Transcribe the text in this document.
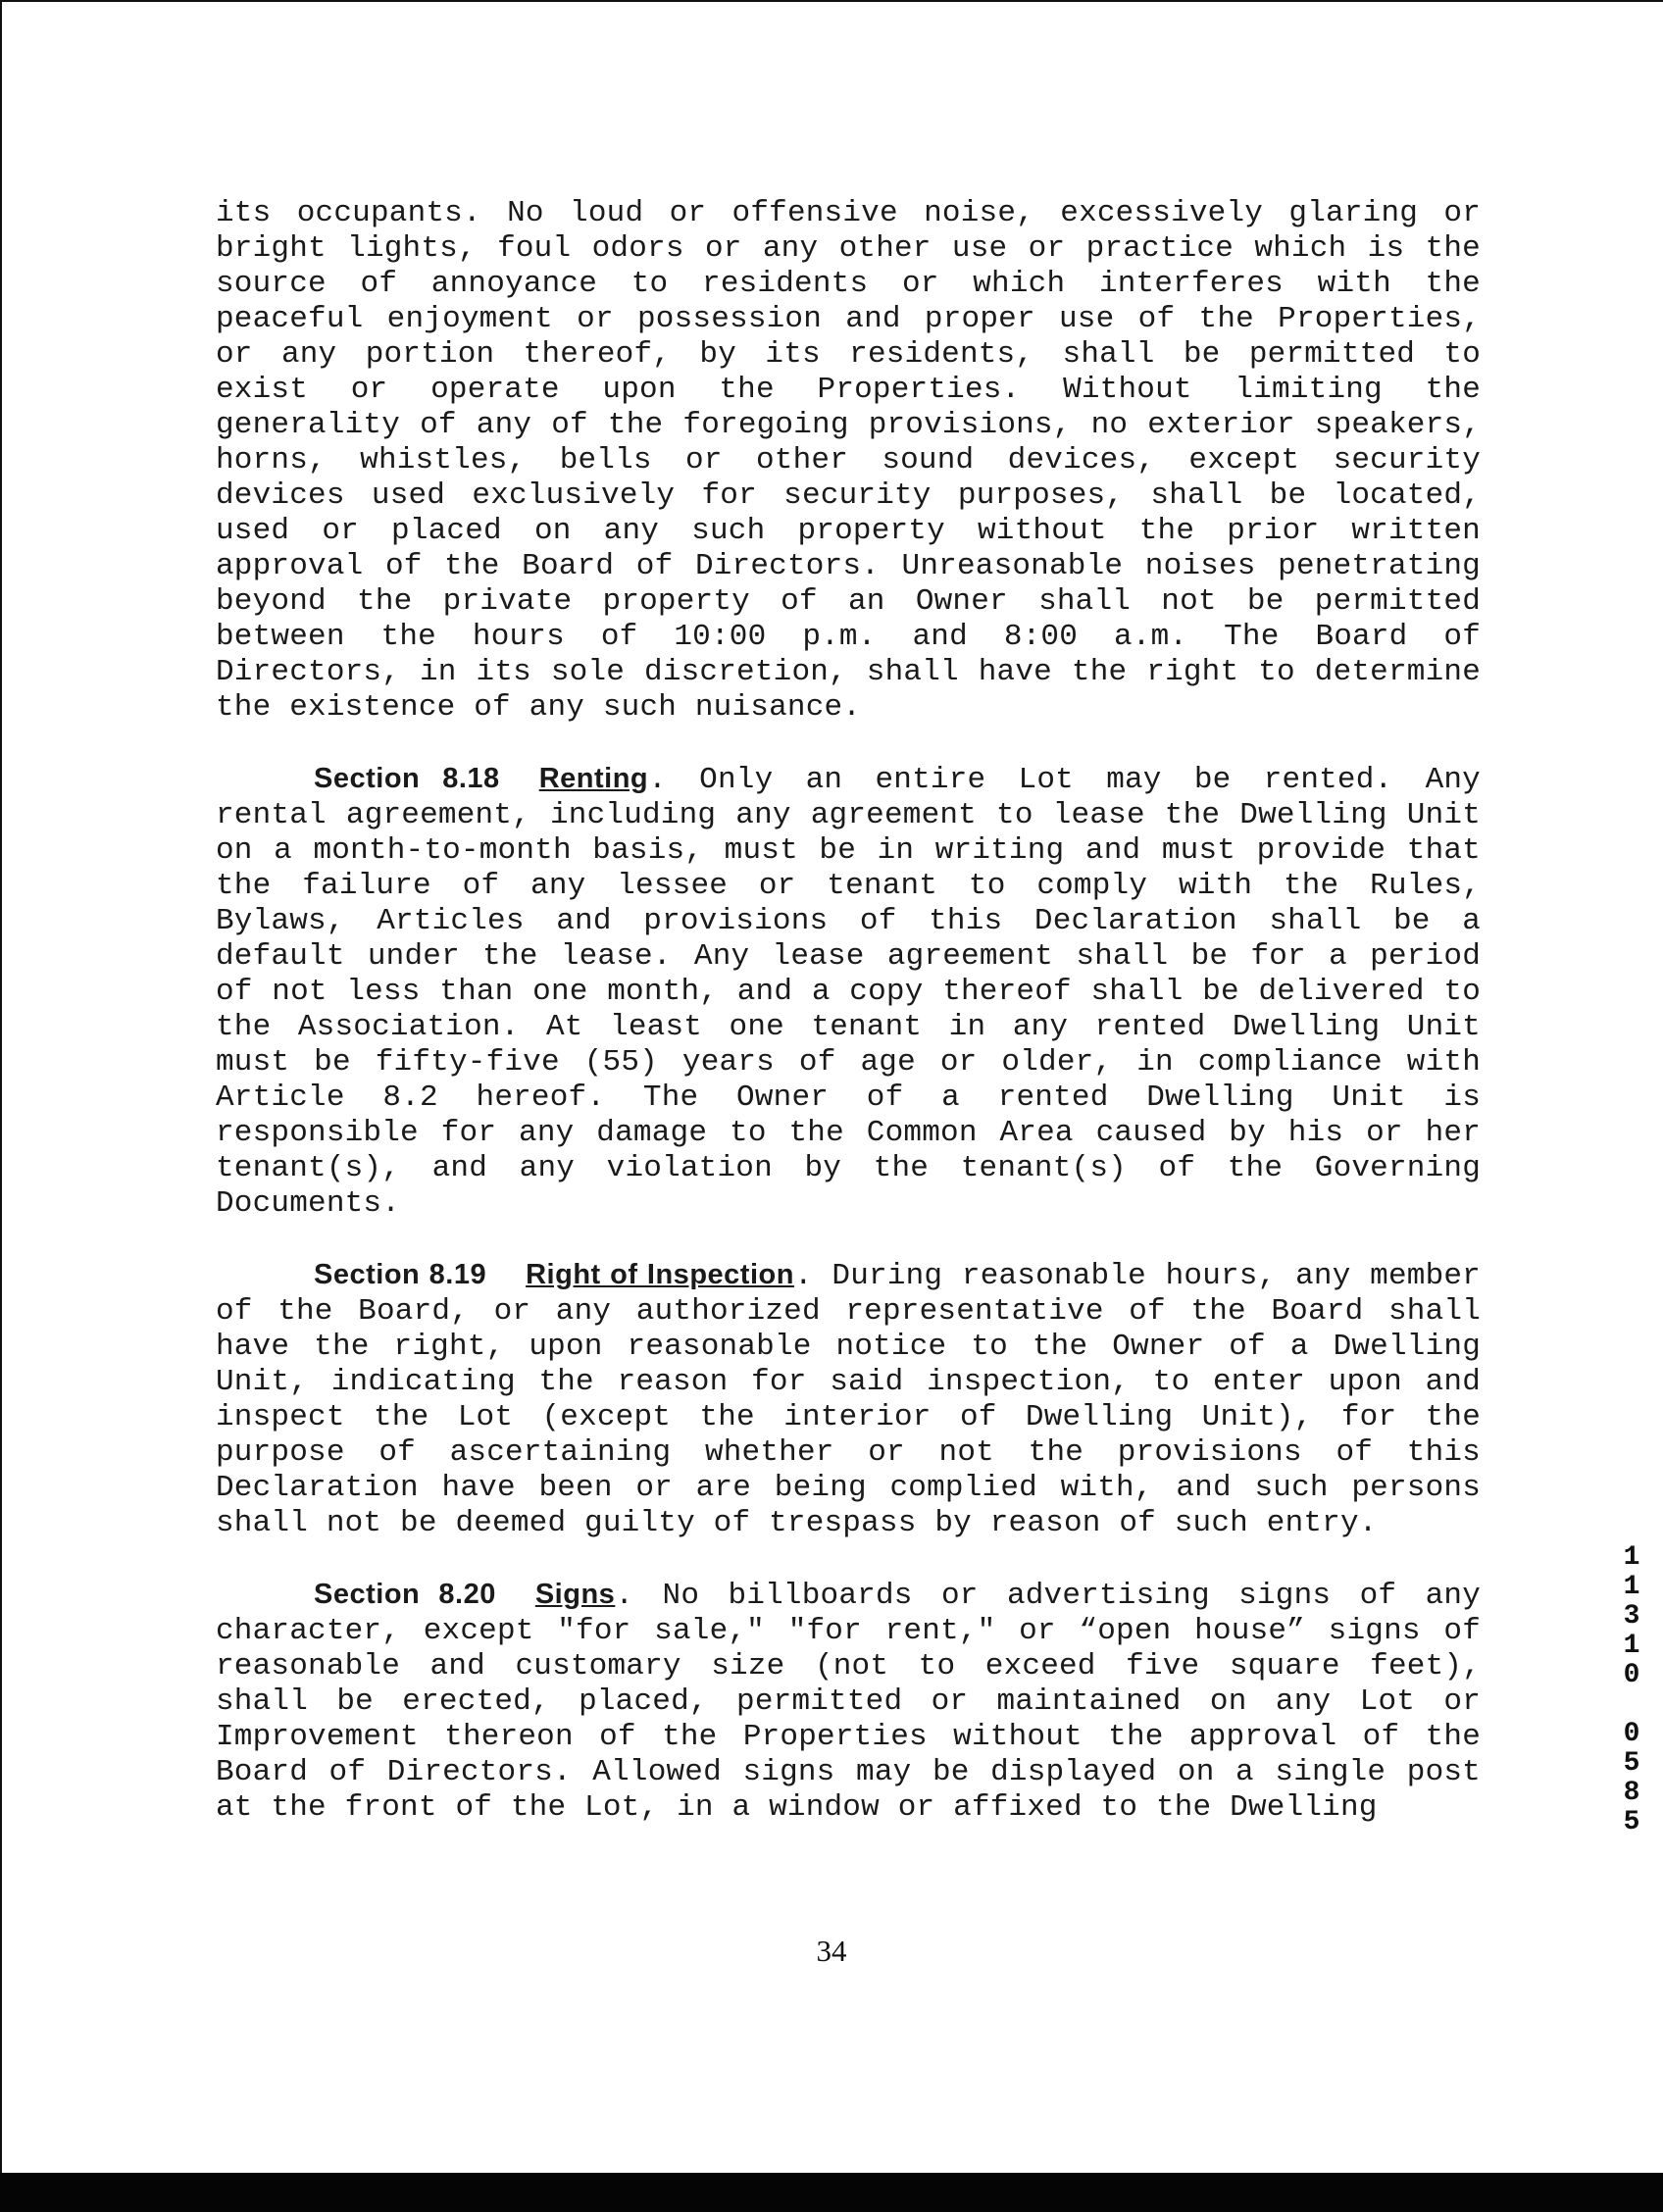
its occupants. No loud or offensive noise, excessively glaring or bright lights, foul odors or any other use or practice which is the source of annoyance to residents or which interferes with the peaceful enjoyment or possession and proper use of the Properties, or any portion thereof, by its residents, shall be permitted to exist or operate upon the Properties. Without limiting the generality of any of the foregoing provisions, no exterior speakers, horns, whistles, bells or other sound devices, except security devices used exclusively for security purposes, shall be located, used or placed on any such property without the prior written approval of the Board of Directors. Unreasonable noises penetrating beyond the private property of an Owner shall not be permitted between the hours of 10:00 p.m. and 8:00 a.m. The Board of Directors, in its sole discretion, shall have the right to determine the existence of any such nuisance.

Section 8.18 Renting. Only an entire Lot may be rented. Any rental agreement, including any agreement to lease the Dwelling Unit on a month-to-month basis, must be in writing and must provide that the failure of any lessee or tenant to comply with the Rules, Bylaws, Articles and provisions of this Declaration shall be a default under the lease. Any lease agreement shall be for a period of not less than one month, and a copy thereof shall be delivered to the Association. At least one tenant in any rented Dwelling Unit must be fifty-five (55) years of age or older, in compliance with Article 8.2 hereof. The Owner of a rented Dwelling Unit is responsible for any damage to the Common Area caused by his or her tenant(s), and any violation by the tenant(s) of the Governing Documents.

Section 8.19 Right of Inspection. During reasonable hours, any member of the Board, or any authorized representative of the Board shall have the right, upon reasonable notice to the Owner of a Dwelling Unit, indicating the reason for said inspection, to enter upon and inspect the Lot (except the interior of Dwelling Unit), for the purpose of ascertaining whether or not the provisions of this Declaration have been or are being complied with, and such persons shall not be deemed guilty of trespass by reason of such entry.

Section 8.20 Signs. No billboards or advertising signs of any character, except "for sale," "for rent," or “open house” signs of reasonable and customary size (not to exceed five square feet), shall be erected, placed, permitted or maintained on any Lot or Improvement thereon of the Properties without the approval of the Board of Directors. Allowed signs may be displayed on a single post at the front of the Lot, in a window or affixed to the Dwelling

1
1
3
1
0
0
5
8
5
34
